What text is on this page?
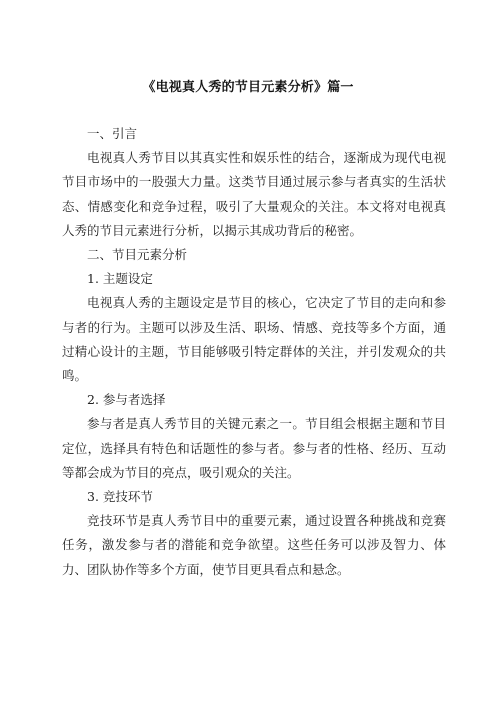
《电视真人秀的节目元素分析》篇一

一、引言

电视真人秀节目以其真实性和娱乐性的结合，逐渐成为现代电视节目市场中的一股强大力量。这类节目通过展示参与者真实的生活状态、情感变化和竞争过程，吸引了大量观众的关注。本文将对电视真人秀的节目元素进行分析，以揭示其成功背后的秘密。

二、节目元素分析

1. 主题设定

电视真人秀的主题设定是节目的核心，它决定了节目的走向和参与者的行为。主题可以涉及生活、职场、情感、竞技等多个方面，通过精心设计的主题，节目能够吸引特定群体的关注，并引发观众的共鸣。

2. 参与者选择

参与者是真人秀节目的关键元素之一。节目组会根据主题和节目定位，选择具有特色和话题性的参与者。参与者的性格、经历、互动等都会成为节目的亮点，吸引观众的关注。

3. 竞技环节

竞技环节是真人秀节目中的重要元素，通过设置各种挑战和竞赛任务，激发参与者的潜能和竞争欲望。这些任务可以涉及智力、体力、团队协作等多个方面，使节目更具看点和悬念。
